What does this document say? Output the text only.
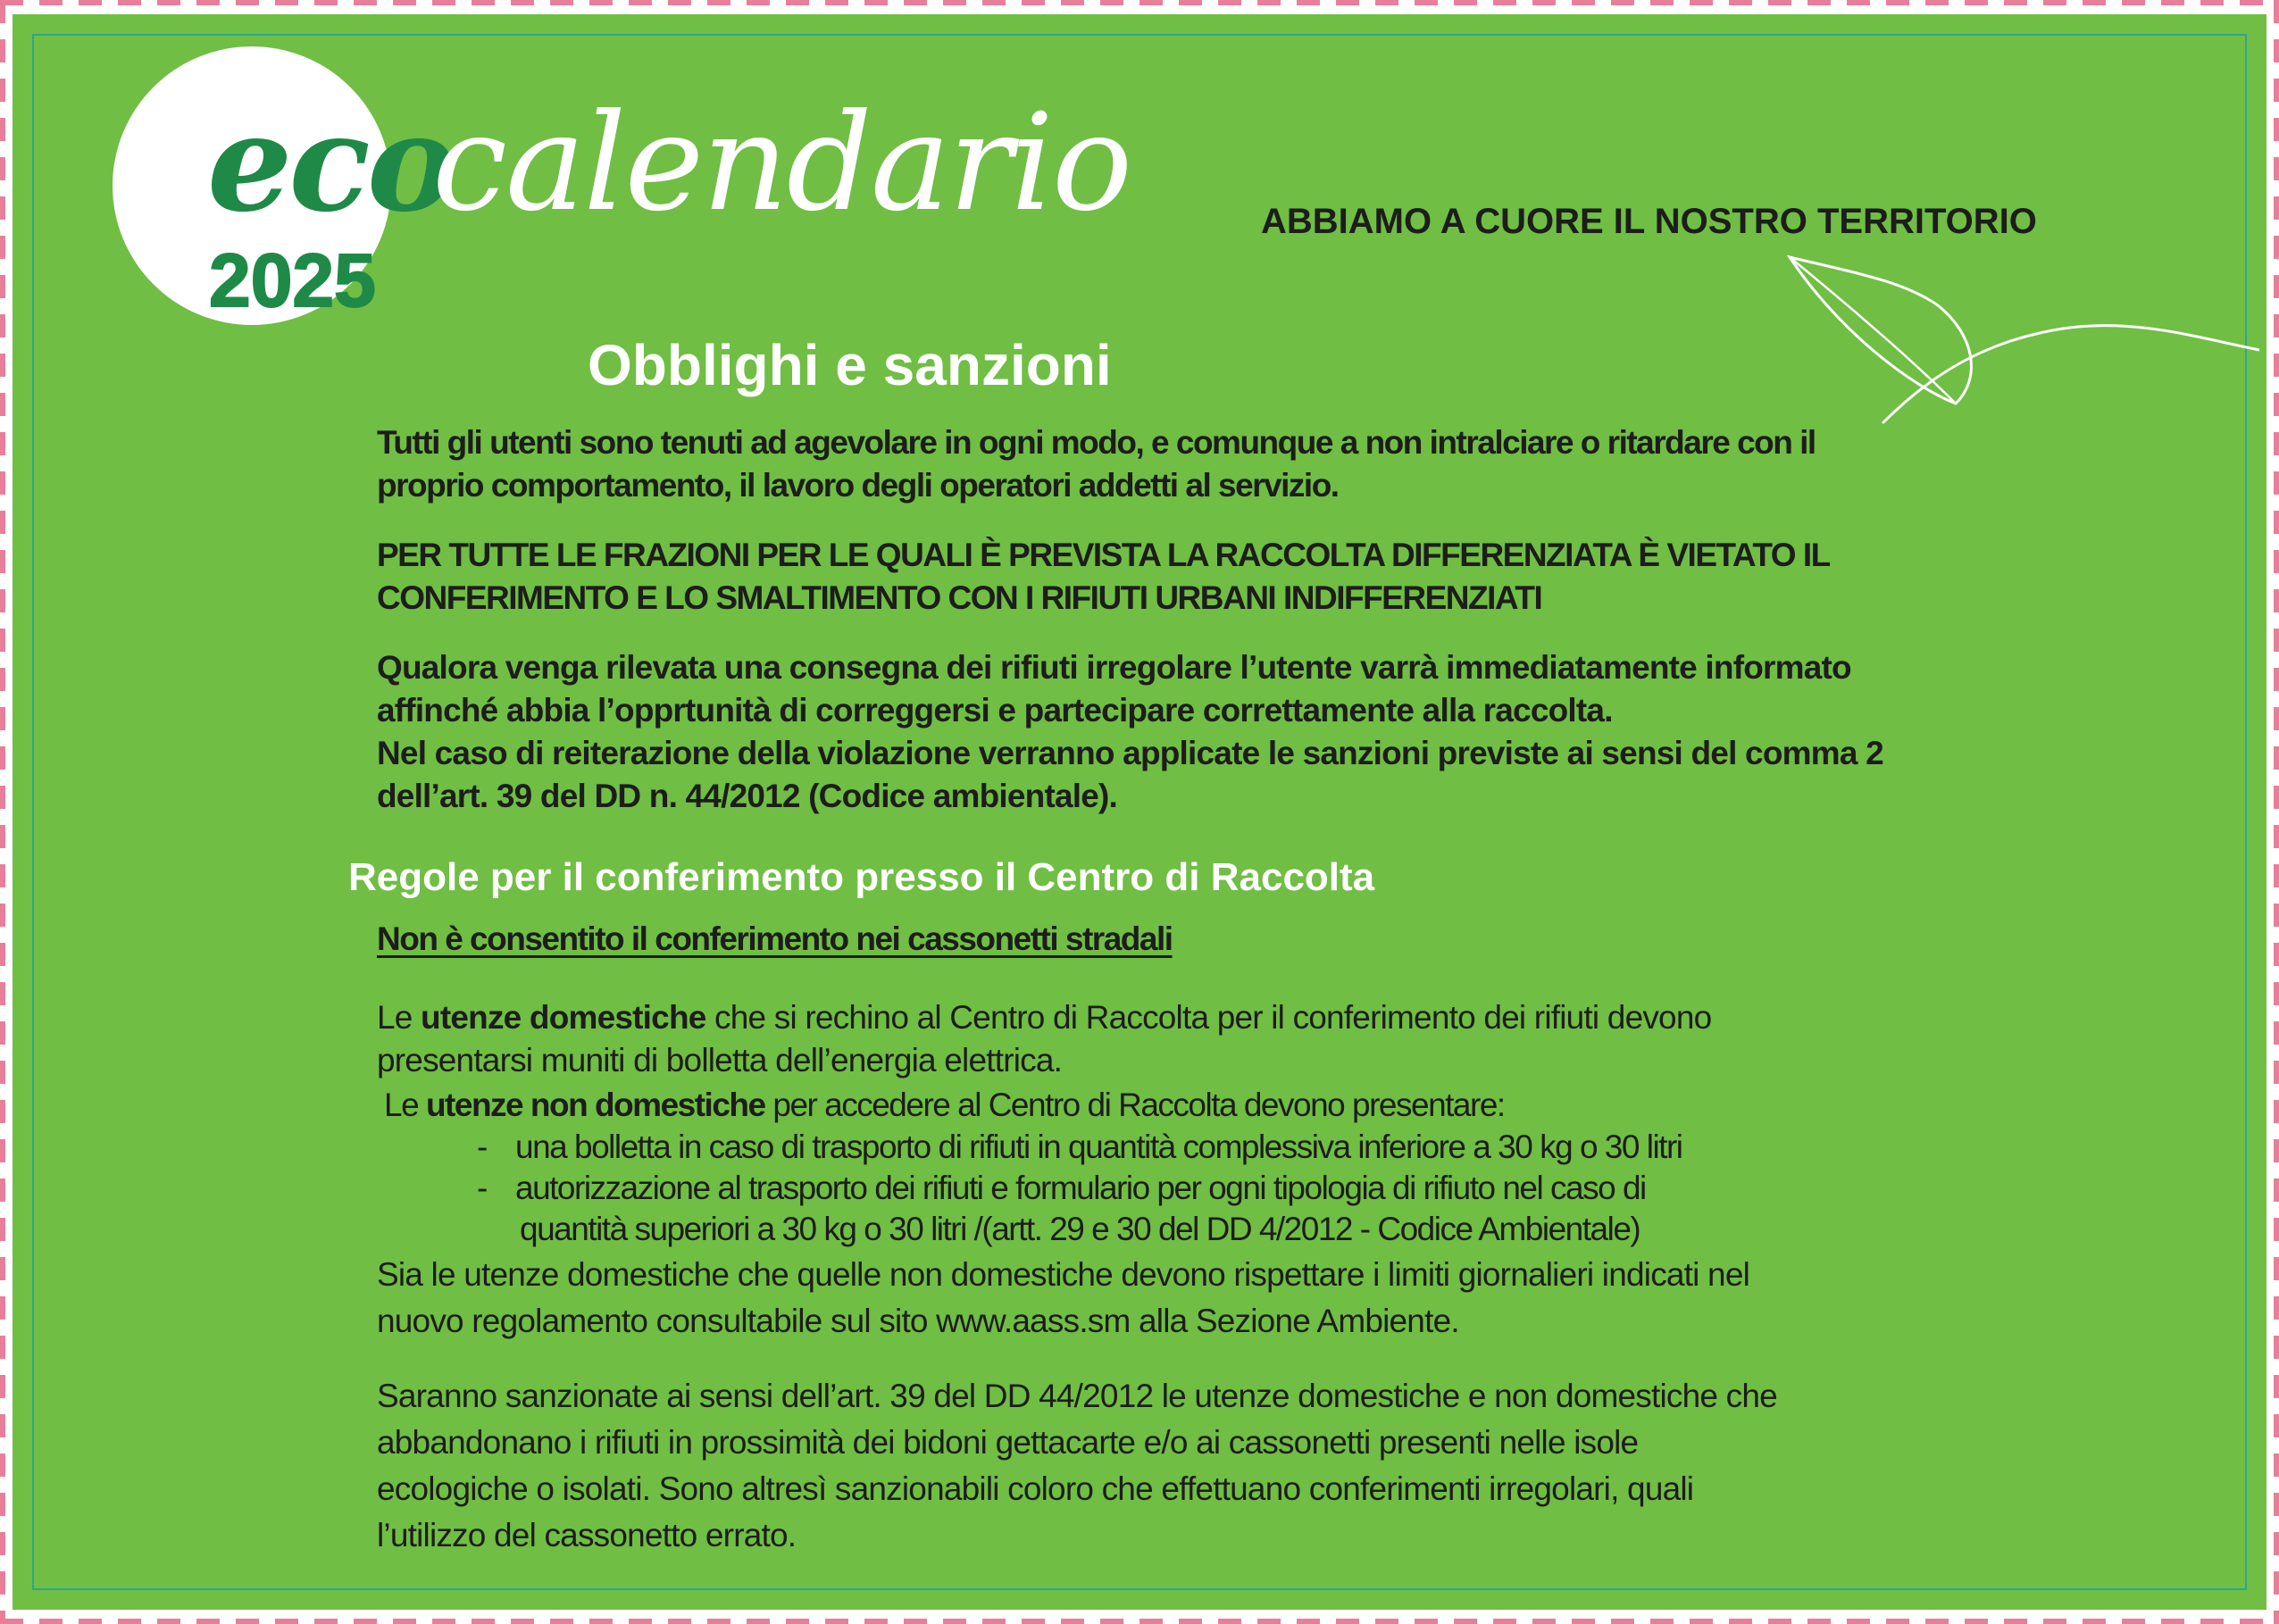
eco
calendario
2025
ABBIAMO A CUORE IL NOSTRO TERRITORIO
Obblighi e sanzioni
Tutti gli utenti sono tenuti ad agevolare in ogni modo, e comunque a non intralciare o ritardare con il
proprio comportamento, il lavoro degli operatori addetti al servizio.
PER TUTTE LE FRAZIONI PER LE QUALI È PREVISTA LA RACCOLTA DIFFERENZIATA È VIETATO IL
CONFERIMENTO E LO SMALTIMENTO CON I RIFIUTI URBANI INDIFFERENZIATI
Qualora venga rilevata una consegna dei rifiuti irregolare l’utente varrà immediatamente informato
affinché abbia l’opprtunità di correggersi e partecipare correttamente alla raccolta.
Nel caso di reiterazione della violazione verranno applicate le sanzioni previste ai sensi del comma 2
dell’art. 39 del DD n. 44/2012 (Codice ambientale).
Regole per il conferimento presso il Centro di Raccolta
Non è consentito il conferimento nei cassonetti stradali
Le utenze domestiche che si rechino al Centro di Raccolta per il conferimento dei rifiuti devono
presentarsi muniti di bolletta dell’energia elettrica.
Le utenze non domestiche per accedere al Centro di Raccolta devono presentare:
- una bolletta in caso di trasporto di rifiuti in quantità complessiva inferiore a 30 kg o 30 litri
- autorizzazione al trasporto dei rifiuti e formulario per ogni tipologia di rifiuto nel caso di
quantità superiori a 30 kg o 30 litri /(artt. 29 e 30 del DD 4/2012 - Codice Ambientale)
Sia le utenze domestiche che quelle non domestiche devono rispettare i limiti giornalieri indicati nel
nuovo regolamento consultabile sul sito www.aass.sm alla Sezione Ambiente.
Saranno sanzionate ai sensi dell’art. 39 del DD 44/2012 le utenze domestiche e non domestiche che
abbandonano i rifiuti in prossimità dei bidoni gettacarte e/o ai cassonetti presenti nelle isole
ecologiche o isolati. Sono altresì sanzionabili coloro che effettuano conferimenti irregolari, quali
l’utilizzo del cassonetto errato.
